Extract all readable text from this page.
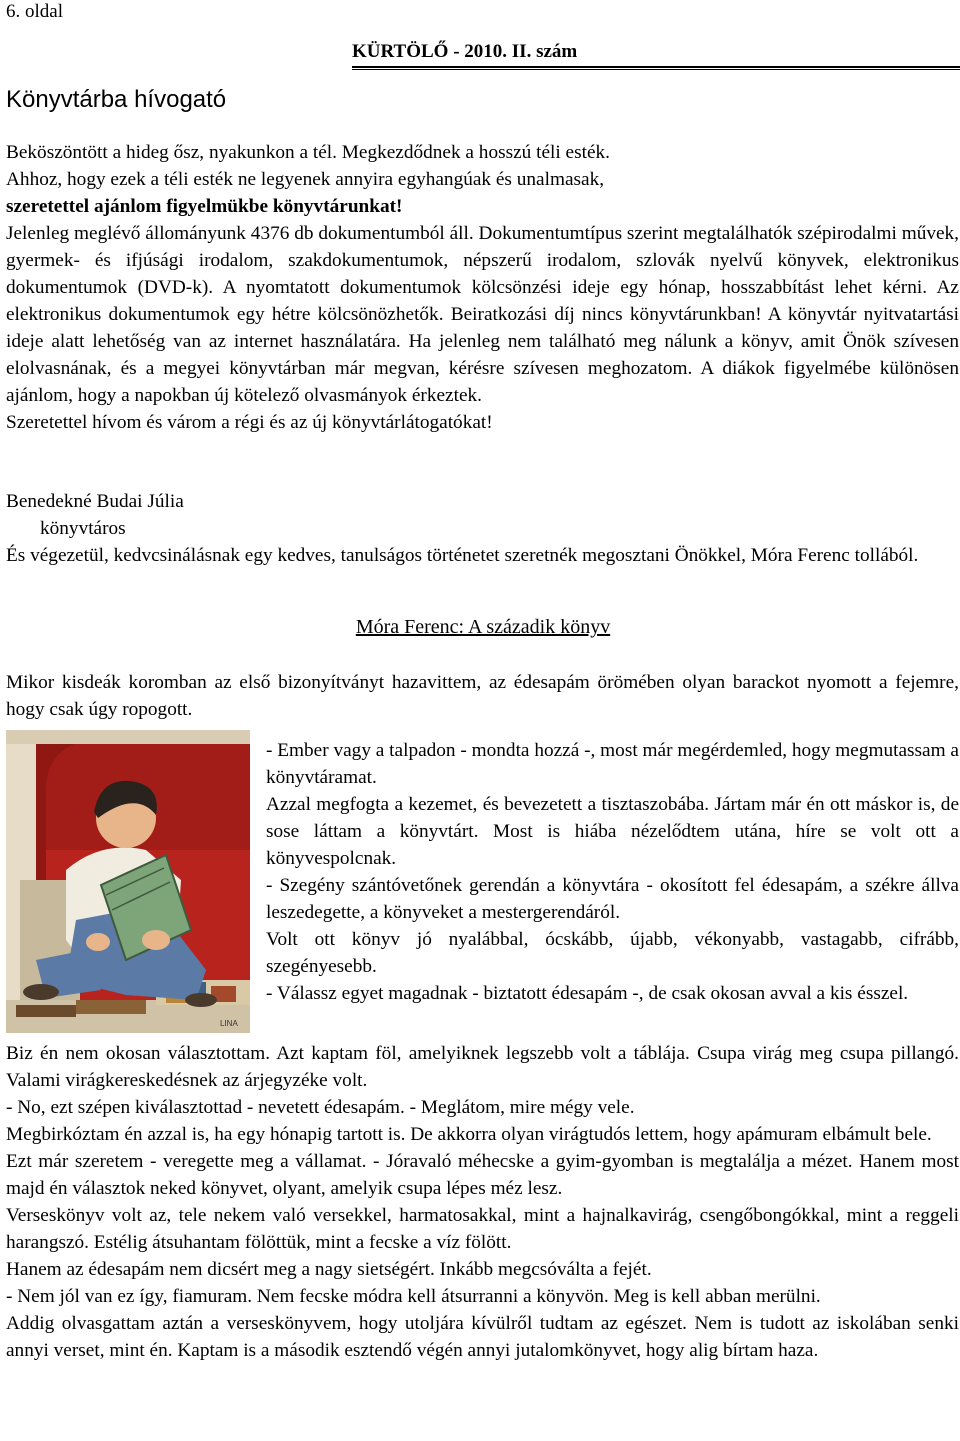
6. oldal
KÜRTÖLŐ - 2010. II. szám
Könyvtárba hívogató

Beköszöntött a hideg ősz, nyakunkon a tél. Megkezdődnek a hosszú téli esték.

Ahhoz, hogy ezek a téli esték ne legyenek annyira egyhangúak és unalmasak,

szeretettel ajánlom figyelmükbe könyvtárunkat!

Jelenleg meglévő állományunk 4376 db dokumentumból áll. Dokumentumtípus szerint megtalálhatók szépirodalmi művek, gyermek- és ifjúsági irodalom, szakdokumentumok, népszerű irodalom, szlovák nyelvű könyvek, elektronikus dokumentumok (DVD-k). A nyomtatott dokumentumok kölcsönzési ideje egy hónap, hosszabbítást lehet kérni. Az elektronikus dokumentumok egy hétre kölcsönözhetők. Beiratkozási díj nincs könyvtárunkban! A könyvtár nyitvatartási ideje alatt lehetőség van az internet használatára. Ha jelenleg nem található meg nálunk a könyv, amit Önök szívesen elolvasnának, és a megyei könyvtárban már megvan, kérésre szívesen meghozatom. A diákok figyelmébe különösen ajánlom, hogy a napokban új kötelező olvasmányok érkeztek.

Szeretettel hívom és várom a régi és az új könyvtárlátogatókat!

Benedekné Budai Júlia

könyvtáros

És végezetül, kedvcsinálásnak egy kedves, tanulságos történetet szeretnék megosztani Önökkel, Móra Ferenc tollából.

Móra Ferenc: A századik könyv
Mikor kisdeák koromban az első bizonyítványt hazavittem, az édesapám örömében olyan barackot nyomott a fejemre, hogy csak úgy ropogott.
LINA

- Ember vagy a talpadon - mondta hozzá -, most már megérdemled, hogy megmutassam a könyvtáramat.

Azzal megfogta a kezemet, és bevezetett a tisztaszobába. Jártam már én ott máskor is, de sose láttam a könyvtárt. Most is hiába nézelődtem utána, híre se volt ott a könyvespolcnak.

- Szegény szántóvetőnek gerendán a könyvtára - okosított fel édesapám, a székre állva leszedegette, a könyveket a mestergerendáról.

Volt ott könyv jó nyalábbal, ócskább, újabb, vékonyabb, vastagabb, cifrább, szegényesebb.

- Válassz egyet magadnak - biztatott édesapám -, de csak okosan avval a kis ésszel.

Biz én nem okosan választottam. Azt kaptam föl, amelyiknek legszebb volt a táblája. Csupa virág meg csupa pillangó. Valami virágkereskedésnek az árjegyzéke volt.

- No, ezt szépen kiválasztottad - nevetett édesapám. - Meglátom, mire mégy vele.

Megbirkóztam én azzal is, ha egy hónapig tartott is. De akkorra olyan virágtudós lettem, hogy apámuram elbámult bele.

Ezt már szeretem - veregette meg a vállamat. - Jóravaló méhecske a gyim-gyomban is megtalálja a mézet. Hanem most majd én választok neked könyvet, olyant, amelyik csupa lépes méz lesz.

Verseskönyv volt az, tele nekem való versekkel, harmatosakkal, mint a hajnalkavirág, csengőbongókkal, mint a reggeli harangszó. Estélig átsuhantam fölöttük, mint a fecske a víz fölött.

Hanem az édesapám nem dicsért meg a nagy sietségért. Inkább megcsóválta a fejét.

- Nem jól van ez így, fiamuram. Nem fecske módra kell átsurranni a könyvön. Meg is kell abban merülni.

Addig olvasgattam aztán a verseskönyvem, hogy utoljára kívülről tudtam az egészet. Nem is tudott az iskolában senki annyi verset, mint én. Kaptam is a második esztendő végén annyi jutalomkönyvet, hogy alig bírtam haza.
